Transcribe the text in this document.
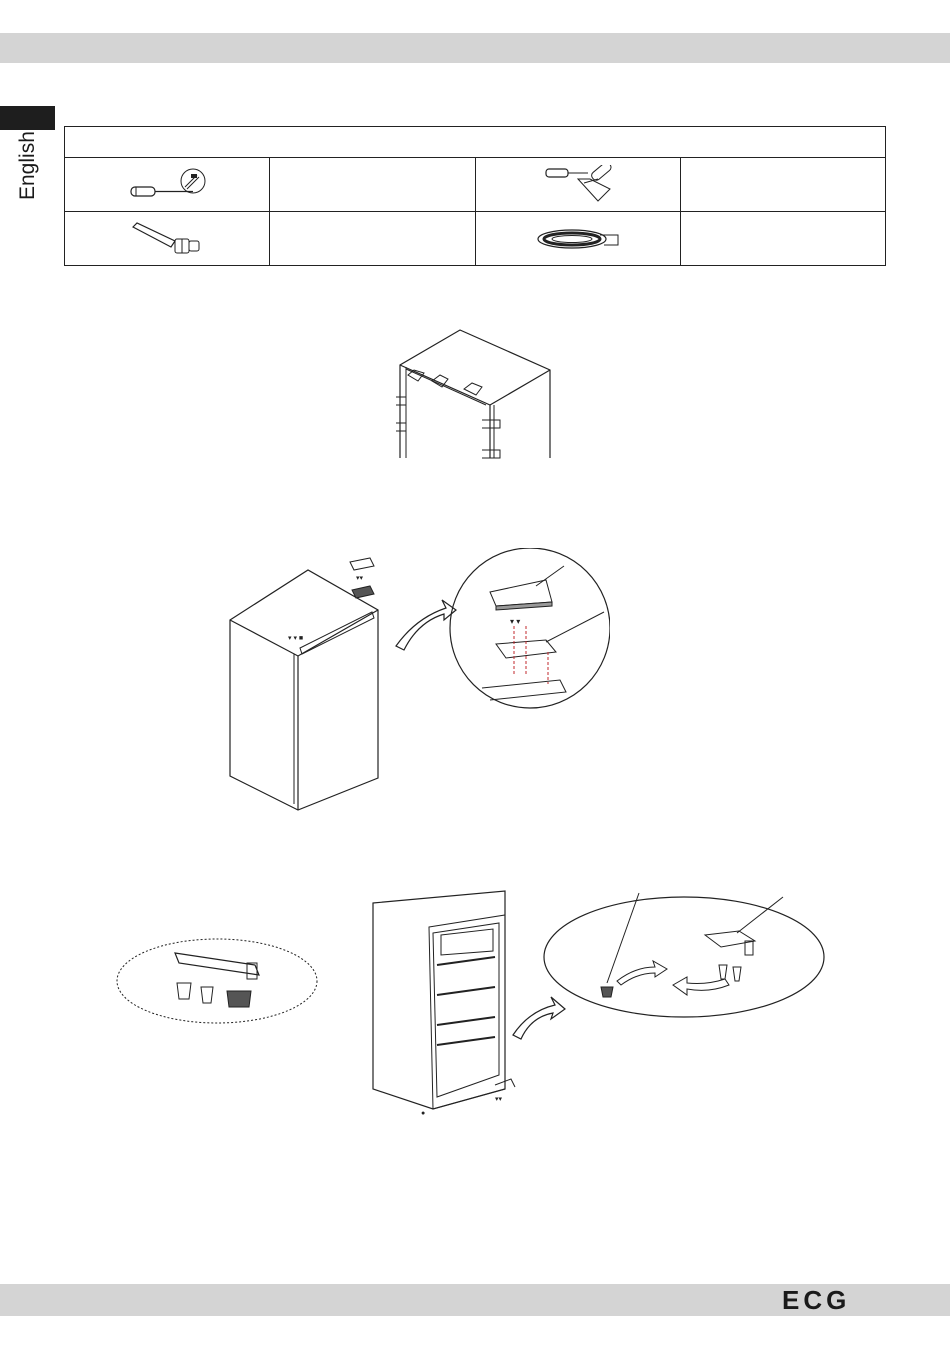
English

▾ ▾ ■
▾▾
▾ ▾
▾▾
●
ECG
